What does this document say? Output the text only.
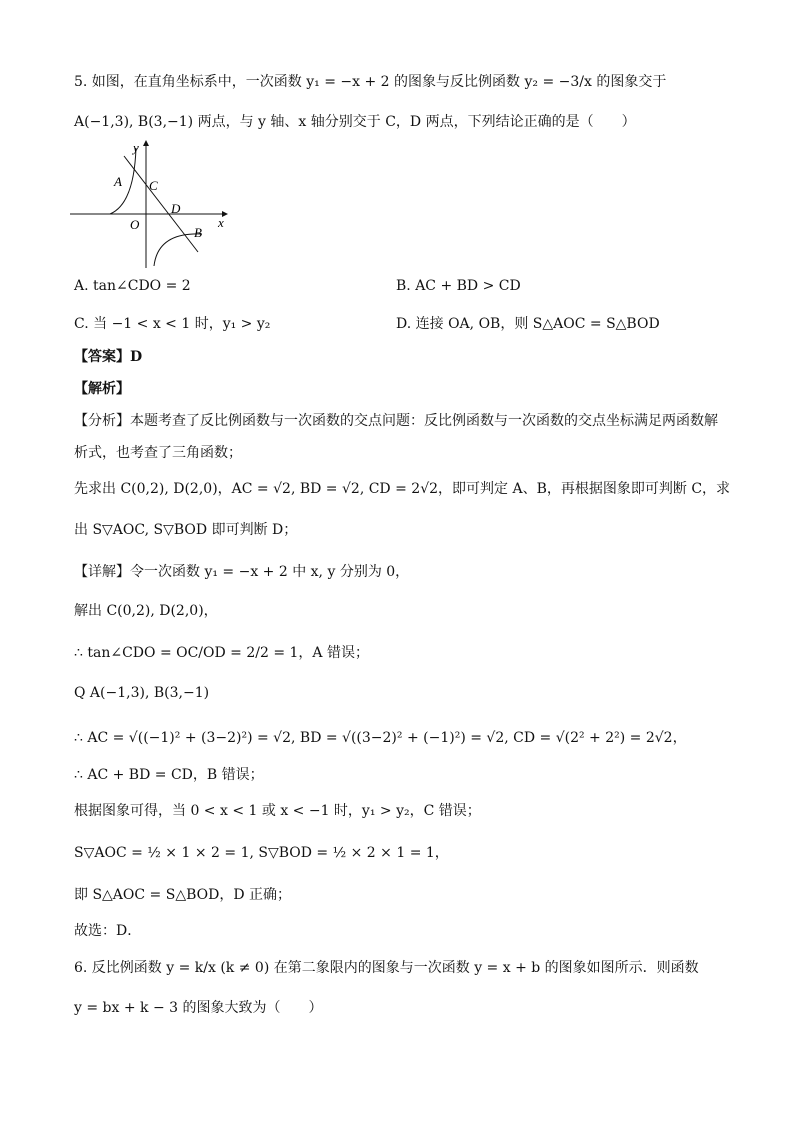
5. 如图，在直角坐标系中，一次函数 y₁ = −x + 2 的图象与反比例函数 y₂ = −3/x 的图象交于
A(−1,3), B(3,−1) 两点，与 y 轴、x 轴分别交于 C，D 两点，下列结论正确的是（　　）
y
x
A C
D
O
B
A. tan∠CDO = 2	B. AC + BD > CD
C. 当 −1 < x < 1 时，y₁ > y₂	D. 连接 OA, OB，则 S△AOC = S△BOD
【答案】D
【解析】
【分析】本题考查了反比例函数与一次函数的交点问题：反比例函数与一次函数的交点坐标满足两函数解
析式，也考查了三角函数；
先求出 C(0,2), D(2,0)，AC = √2, BD = √2, CD = 2√2，即可判定 A、B，再根据图象即可判断 C，求
出 S▽AOC, S▽BOD 即可判断 D；
【详解】令一次函数 y₁ = −x + 2 中 x, y 分别为 0，
解出 C(0,2), D(2,0)，
∴ tan∠CDO = OC/OD = 2/2 = 1，A 错误；
Q A(−1,3), B(3,−1)
∴ AC = √((−1)² + (3−2)²) = √2, BD = √((3−2)² + (−1)²) = √2, CD = √(2² + 2²) = 2√2，
∴ AC + BD = CD，B 错误；
根据图象可得，当 0 < x < 1 或 x < −1 时，y₁ > y₂，C 错误；
S▽AOC = ½ × 1 × 2 = 1, S▽BOD = ½ × 2 × 1 = 1，
即 S△AOC = S△BOD，D 正确；
故选：D．
6. 反比例函数 y = k/x (k ≠ 0) 在第二象限内的图象与一次函数 y = x + b 的图象如图所示．则函数
y = bx + k − 3 的图象大致为（　　）
